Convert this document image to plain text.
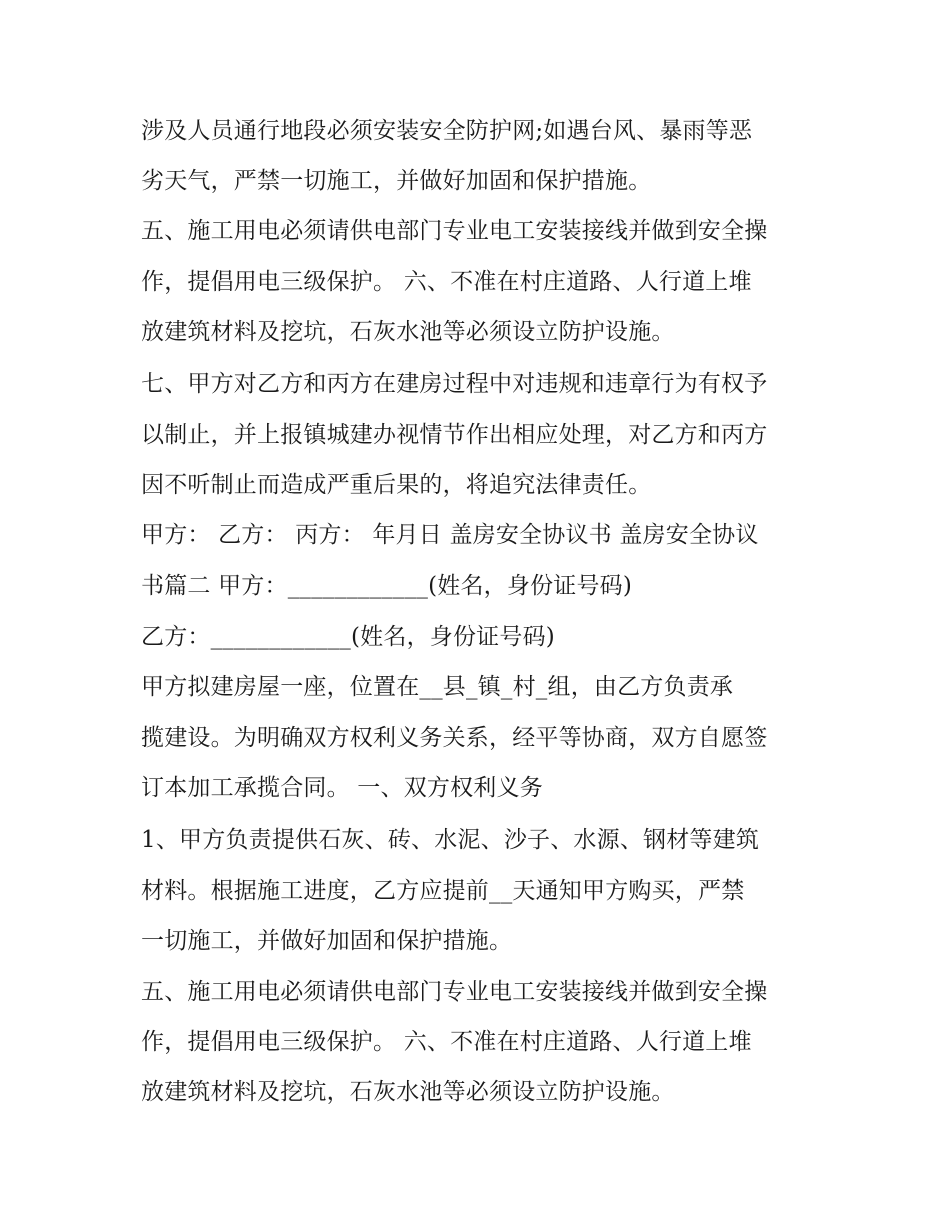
涉及人员通行地段必须安装安全防护网;如遇台风、暴雨等恶

劣天气，严禁一切施工，并做好加固和保护措施。

五、施工用电必须请供电部门专业电工安装接线并做到安全操

作，提倡用电三级保护。 六、不准在村庄道路、人行道上堆

放建筑材料及挖坑，石灰水池等必须设立防护设施。

七、甲方对乙方和丙方在建房过程中对违规和违章行为有权予

以制止，并上报镇城建办视情节作出相应处理，对乙方和丙方

因不听制止而造成严重后果的，将追究法律责任。

甲方： 乙方： 丙方： 年月日 盖房安全协议书 盖房安全协议

书篇二 甲方：____________(姓名，身份证号码)

乙方：____________(姓名，身份证号码)

甲方拟建房屋一座，位置在__县_镇_村_组，由乙方负责承

揽建设。为明确双方权利义务关系，经平等协商，双方自愿签

订本加工承揽合同。 一、双方权利义务

1、甲方负责提供石灰、砖、水泥、沙子、水源、钢材等建筑

材料。根据施工进度，乙方应提前__天通知甲方购买，严禁

一切施工，并做好加固和保护措施。

五、施工用电必须请供电部门专业电工安装接线并做到安全操

作，提倡用电三级保护。 六、不准在村庄道路、人行道上堆

放建筑材料及挖坑，石灰水池等必须设立防护设施。
